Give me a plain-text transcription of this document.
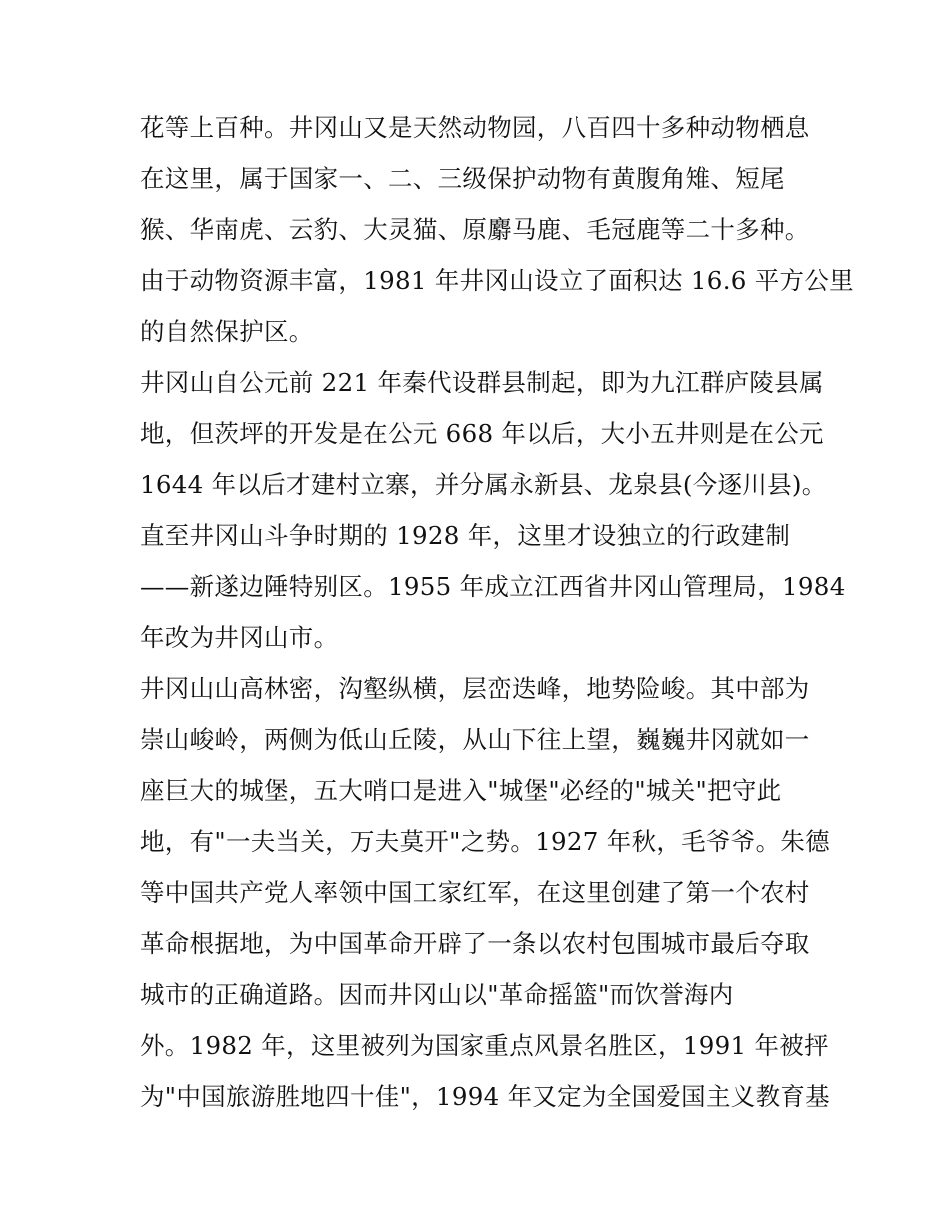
花等上百种。井冈山又是天然动物园，八百四十多种动物栖息
在这里，属于国家一、二、三级保护动物有黄腹角雉、短尾
猴、华南虎、云豹、大灵猫、原麝马鹿、毛冠鹿等二十多种。
由于动物资源丰富，1981 年井冈山设立了面积达 16.6 平方公里
的自然保护区。
井冈山自公元前 221 年秦代设群县制起，即为九江群庐陵县属
地，但茨坪的开发是在公元 668 年以后，大小五井则是在公元
1644 年以后才建村立寨，并分属永新县、龙泉县(今逐川县)。
直至井冈山斗争时期的 1928 年，这里才设独立的行政建制
——新遂边陲特别区。1955 年成立江西省井冈山管理局，1984
年改为井冈山市。
井冈山山高林密，沟壑纵横，层峦迭峰，地势险峻。其中部为
崇山峻岭，两侧为低山丘陵，从山下往上望，巍巍井冈就如一
座巨大的城堡，五大哨口是进入"城堡"必经的"城关"把守此
地，有"一夫当关，万夫莫开"之势。1927 年秋，毛爷爷。朱德
等中国共产党人率领中国工家红军，在这里创建了第一个农村
革命根据地，为中国革命开辟了一条以农村包围城市最后夺取
城市的正确道路。因而井冈山以"革命摇篮"而饮誉海内
外。1982 年，这里被列为国家重点风景名胜区，1991 年被抨
为"中国旅游胜地四十佳"，1994 年又定为全国爱国主义教育基
